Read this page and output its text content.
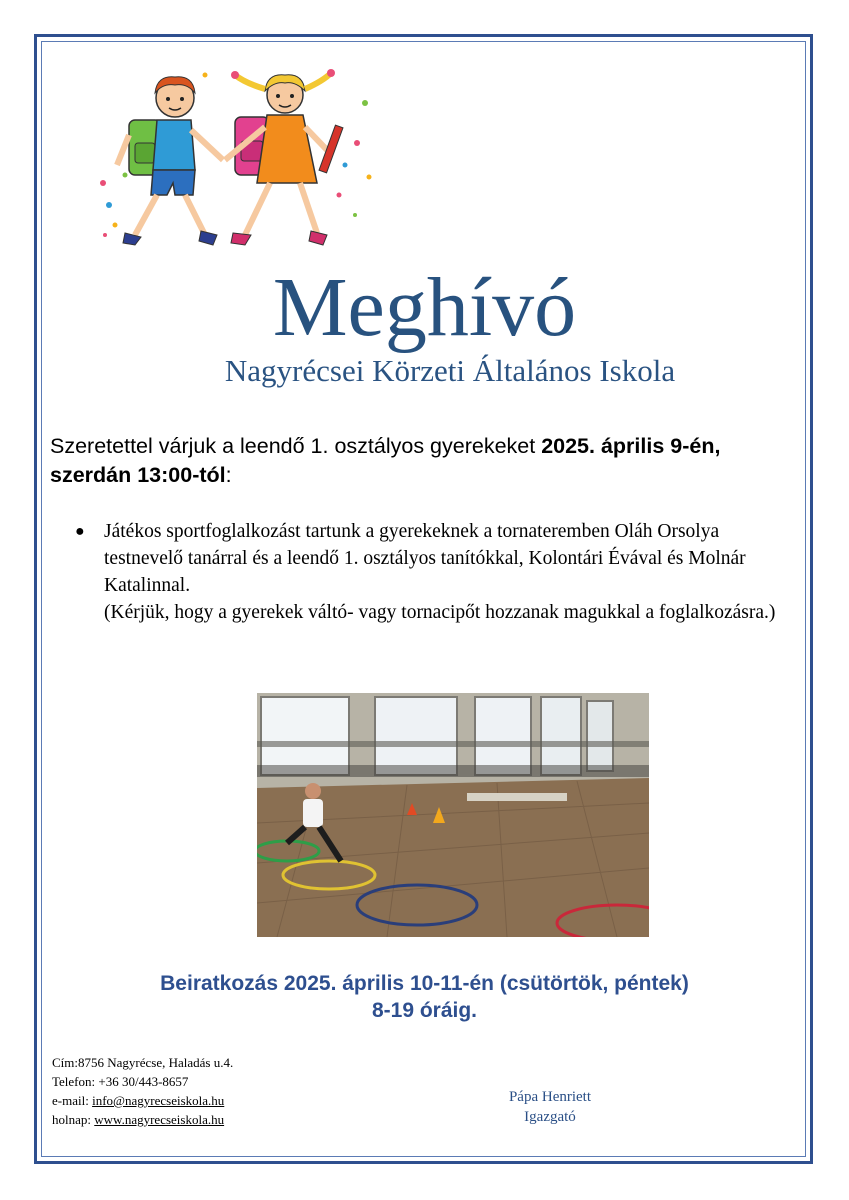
Meghívó
Nagyrécsei Körzeti Általános Iskola
Szeretettel várjuk a leendő 1. osztályos gyerekeket 2025. április 9-én, szerdán 13:00-tól:
● Játékos sportfoglalkozást tartunk a gyerekeknek a tornateremben Oláh Orsolya testnevelő tanárral és a leendő 1. osztályos tanítókkal, Kolontári Évával és Molnár Katalinnal.
(Kérjük, hogy a gyerekek váltó- vagy tornacipőt hozzanak magukkal a foglalkozásra.)
Beiratkozás 2025. április 10-11-én (csütörtök, péntek)
8-19 óráig.
Cím:8756 Nagyrécse, Haladás u.4.
Telefon: +36 30/443-8657
e-mail: info@nagyrecseiskola.hu
holnap: www.nagyrecseiskola.hu
Pápa Henriett
Igazgató
